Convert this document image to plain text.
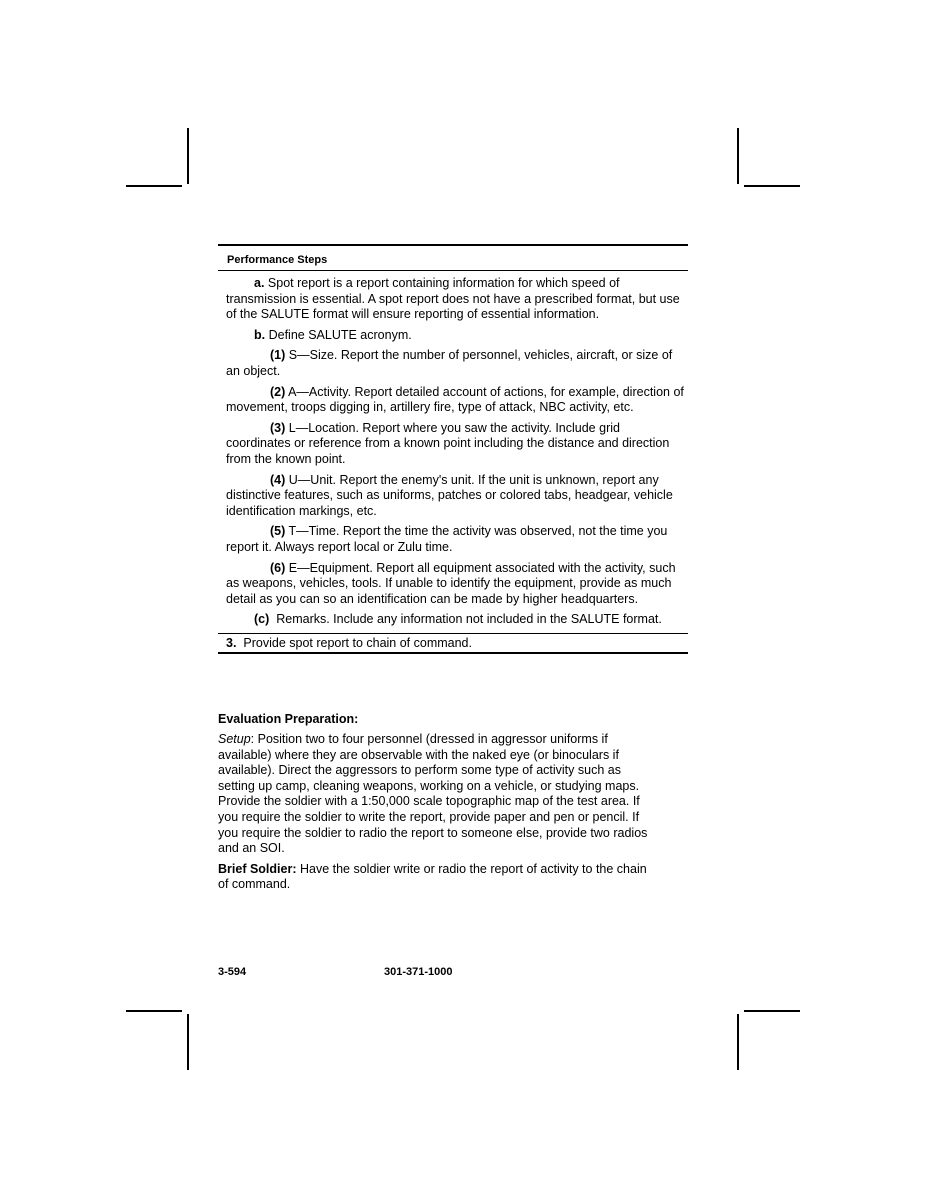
Performance Steps

a. Spot report is a report containing information for which speed of transmission is essential. A spot report does not have a prescribed format, but use of the SALUTE format will ensure reporting of essential information.

b. Define SALUTE acronym.

(1) S—Size. Report the number of personnel, vehicles, aircraft, or size of an object.

(2) A—Activity. Report detailed account of actions, for example, direction of movement, troops digging in, artillery fire, type of attack, NBC activity, etc.

(3) L—Location. Report where you saw the activity. Include grid coordinates or reference from a known point including the distance and direction from the known point.

(4) U—Unit. Report the enemy's unit. If the unit is unknown, report any distinctive features, such as uniforms, patches or colored tabs, headgear, vehicle identification markings, etc.

(5) T—Time. Report the time the activity was observed, not the time you report it. Always report local or Zulu time.

(6) E—Equipment. Report all equipment associated with the activity, such as weapons, vehicles, tools. If unable to identify the equipment, provide as much detail as you can so an identification can be made by higher headquarters.

(c) Remarks. Include any information not included in the SALUTE format.

3. Provide spot report to chain of command.

Evaluation Preparation:

Setup: Position two to four personnel (dressed in aggressor uniforms if available) where they are observable with the naked eye (or binoculars if available). Direct the aggressors to perform some type of activity such as setting up camp, cleaning weapons, working on a vehicle, or studying maps. Provide the soldier with a 1:50,000 scale topographic map of the test area. If you require the soldier to write the report, provide paper and pen or pencil. If you require the soldier to radio the report to someone else, provide two radios and an SOI.

Brief Soldier: Have the soldier write or radio the report of activity to the chain of command.

3-594	301-371-1000
